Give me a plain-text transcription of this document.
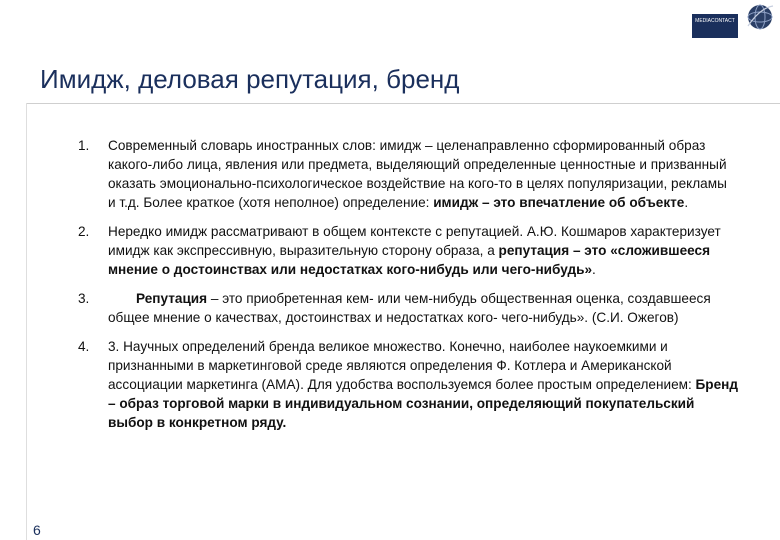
MEDIACONTACT
Имидж, деловая репутация, бренд
1. Современный словарь иностранных слов: имидж – целенаправленно сформированный образ какого-либо лица, явления или предмета, выделяющий определенные ценностные и призванный оказать эмоционально-психологическое воздействие на кого-то в целях популяризации, рекламы и т.д. Более краткое (хотя неполное) определение: имидж – это впечатление об объекте.
2. Нередко имидж рассматривают в общем контексте с репутацией. А.Ю. Кошмаров характеризует имидж как экспрессивную, выразительную сторону образа, а репутация – это «сложившееся мнение о достоинствах или недостатках кого-нибудь или чего-нибудь».
3.	Репутация – это приобретенная кем- или чем-нибудь общественная оценка, создавшееся общее мнение о качествах, достоинствах и недостатках кого- чего-нибудь». (С.И. Ожегов)
4. 3. Научных определений бренда великое множество. Конечно, наиболее наукоемкими и признанными в маркетинговой среде являются определения Ф. Котлера и Американской ассоциации маркетинга (АМА). Для удобства воспользуемся более простым определением: Бренд – образ торговой марки в индивидуальном сознании, определяющий покупательский выбор в конкретном ряду.
6
